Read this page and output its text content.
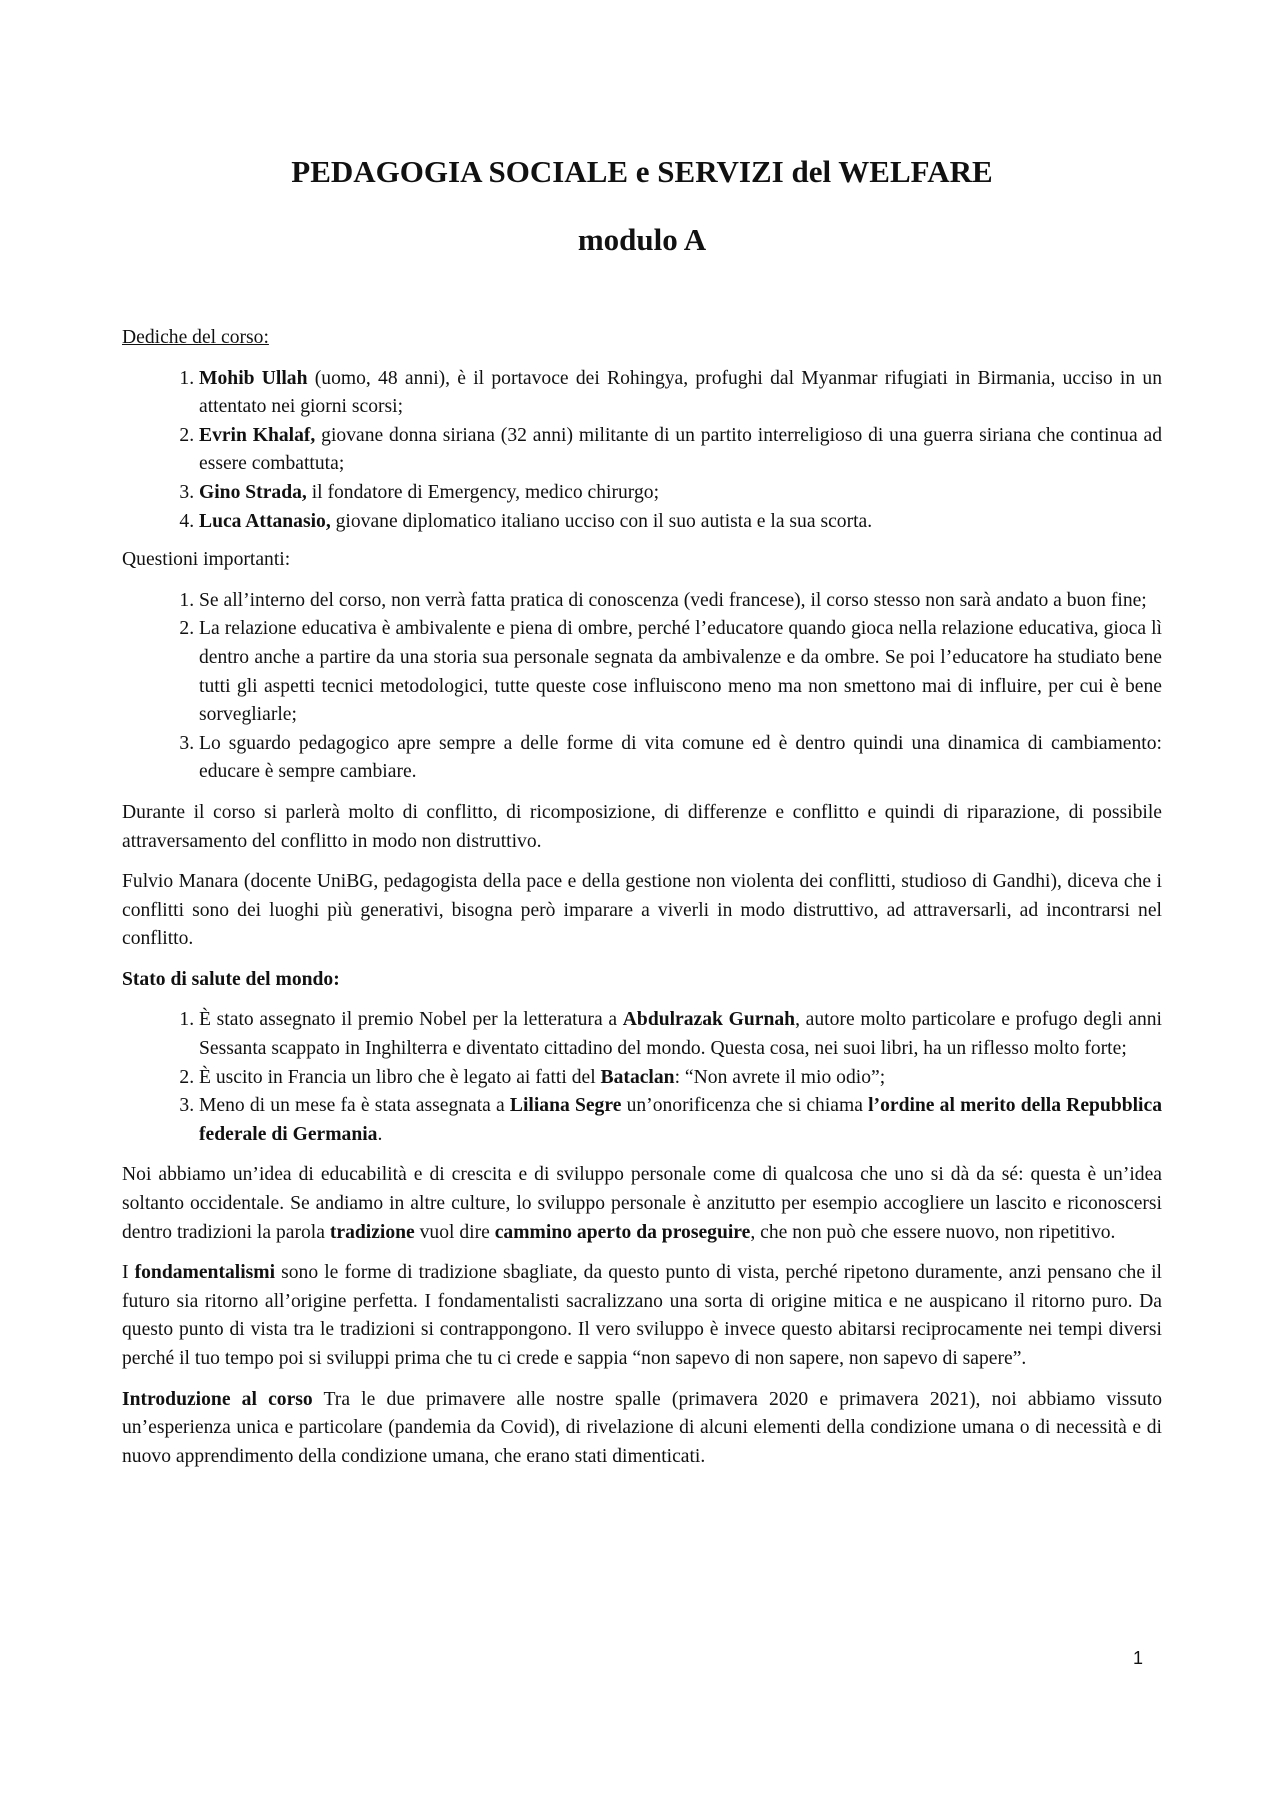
PEDAGOGIA SOCIALE e SERVIZI del WELFARE
modulo A
Dediche del corso:
1. Mohib Ullah (uomo, 48 anni), è il portavoce dei Rohingya, profughi dal Myanmar rifugiati in Birmania, ucciso in un attentato nei giorni scorsi;
2. Evrin Khalaf, giovane donna siriana (32 anni) militante di un partito interreligioso di una guerra siriana che continua ad essere combattuta;
3. Gino Strada, il fondatore di Emergency, medico chirurgo;
4. Luca Attanasio, giovane diplomatico italiano ucciso con il suo autista e la sua scorta.
Questioni importanti:
1. Se all’interno del corso, non verrà fatta pratica di conoscenza (vedi francese), il corso stesso non sarà andato a buon fine;
2. La relazione educativa è ambivalente e piena di ombre, perché l’educatore quando gioca nella relazione educativa, gioca lì dentro anche a partire da una storia sua personale segnata da ambivalenze e da ombre. Se poi l’educatore ha studiato bene tutti gli aspetti tecnici metodologici, tutte queste cose influiscono meno ma non smettono mai di influire, per cui è bene sorvegliarle;
3. Lo sguardo pedagogico apre sempre a delle forme di vita comune ed è dentro quindi una dinamica di cambiamento: educare è sempre cambiare.

Durante il corso si parlerà molto di conflitto, di ricomposizione, di differenze e conflitto e quindi di riparazione, di possibile attraversamento del conflitto in modo non distruttivo.

Fulvio Manara (docente UniBG, pedagogista della pace e della gestione non violenta dei conflitti, studioso di Gandhi), diceva che i conflitti sono dei luoghi più generativi, bisogna però imparare a viverli in modo distruttivo, ad attraversarli, ad incontrarsi nel conflitto.

Stato di salute del mondo:
1. È stato assegnato il premio Nobel per la letteratura a Abdulrazak Gurnah, autore molto particolare e profugo degli anni Sessanta scappato in Inghilterra e diventato cittadino del mondo. Questa cosa, nei suoi libri, ha un riflesso molto forte;
2. È uscito in Francia un libro che è legato ai fatti del Bataclan: “Non avrete il mio odio”;
3. Meno di un mese fa è stata assegnata a Liliana Segre un’onorificenza che si chiama l’ordine al merito della Repubblica federale di Germania.

Noi abbiamo un’idea di educabilità e di crescita e di sviluppo personale come di qualcosa che uno si dà da sé: questa è un’idea soltanto occidentale. Se andiamo in altre culture, lo sviluppo personale è anzitutto per esempio accogliere un lascito e riconoscersi dentro tradizioni la parola tradizione vuol dire cammino aperto da proseguire, che non può che essere nuovo, non ripetitivo.

I fondamentalismi sono le forme di tradizione sbagliate, da questo punto di vista, perché ripetono duramente, anzi pensano che il futuro sia ritorno all’origine perfetta. I fondamentalisti sacralizzano una sorta di origine mitica e ne auspicano il ritorno puro. Da questo punto di vista tra le tradizioni si contrappongono. Il vero sviluppo è invece questo abitarsi reciprocamente nei tempi diversi perché il tuo tempo poi si sviluppi prima che tu ci crede e sappia “non sapevo di non sapere, non sapevo di sapere”.

Introduzione al corso Tra le due primavere alle nostre spalle (primavera 2020 e primavera 2021), noi abbiamo vissuto un’esperienza unica e particolare (pandemia da Covid), di rivelazione di alcuni elementi della condizione umana o di necessità e di nuovo apprendimento della condizione umana, che erano stati dimenticati.

1
